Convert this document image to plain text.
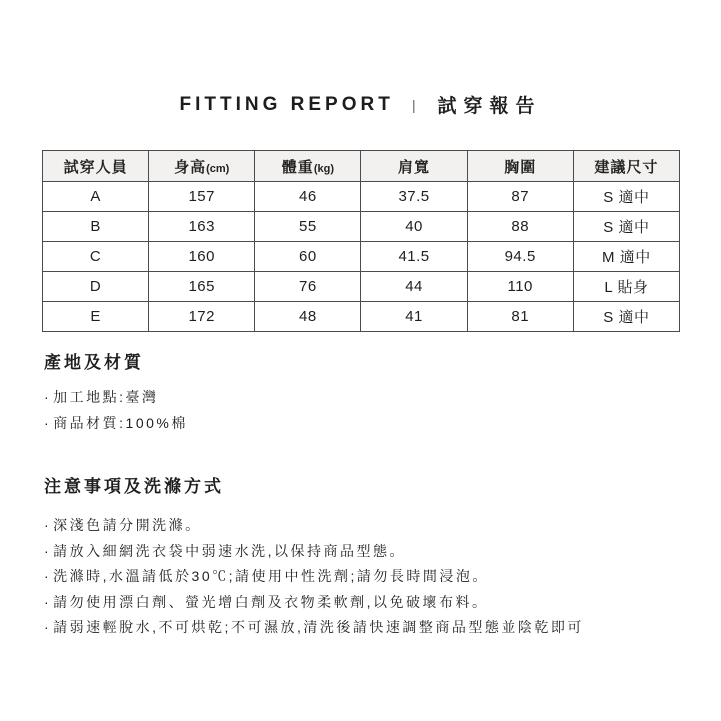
FITTING REPORT | 試穿報告
試穿人員	身高(cm)	體重(kg)	肩寬	胸圍	建議尺寸
A	157	46	37.5	87	S 適中
B	163	55	40	88	S 適中
C	160	60	41.5	94.5	M 適中
D	165	76	44	110	L 貼身
E	172	48	41	81	S 適中
產地及材質
· 加工地點:臺灣
· 商品材質:100%棉
注意事項及洗滌方式
· 深淺色請分開洗滌。
· 請放入細網洗衣袋中弱速水洗,以保持商品型態。
· 洗滌時,水溫請低於30℃;請使用中性洗劑;請勿長時間浸泡。
· 請勿使用漂白劑、螢光增白劑及衣物柔軟劑,以免破壞布料。
· 請弱速輕脫水,不可烘乾;不可濕放,清洗後請快速調整商品型態並陰乾即可
